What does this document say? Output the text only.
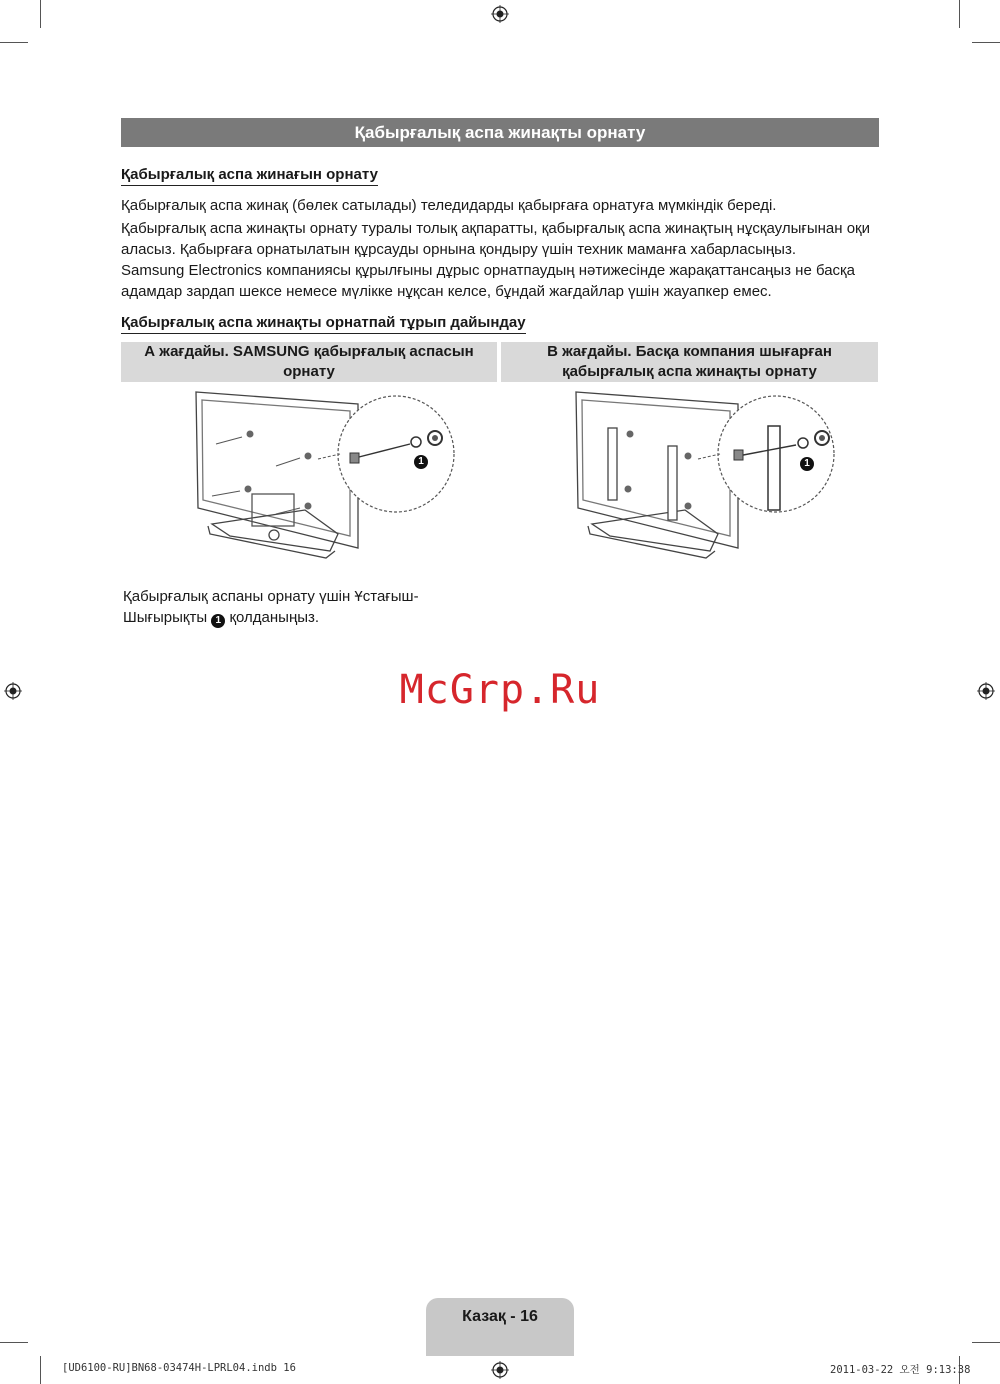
Қабырғалық аспа жинақты орнату
Қабырғалық аспа жинағын орнату
Қабырғалық аспа жинақ (бөлек сатылады) теледидарды қабырғаға орнатуға мүмкіндік береді.
Қабырғалық аспа жинақты орнату туралы толық ақпаратты, қабырғалық аспа жинақтың нұсқаулығынан оқи аласыз. Қабырғаға орнатылатын құрсауды орнына қондыру үшін техник маманға хабарласыңыз.
Samsung Electronics компаниясы құрылғыны дұрыс орнатпаудың нәтижесінде жарақаттансаңыз не басқа адамдар зардап шексе немесе мүлікке нұқсан келсе, бұндай жағдайлар үшін жауапкер емес.
Қабырғалық аспа жинақты орнатпай тұрып дайындау
А жағдайы. SAMSUNG қабырғалық аспасын орнату
В жағдайы. Басқа компания шығарған қабырғалық аспа жинақты орнату
1	1
Қабырғалық аспаны орнату үшін Ұстағыш-Шығырықты 1 қолданыңыз.
McGrp.Ru
Казақ - 16
[UD6100-RU]BN68-03474H-LPRL04.indb 16	2011-03-22 오전 9:13:38
